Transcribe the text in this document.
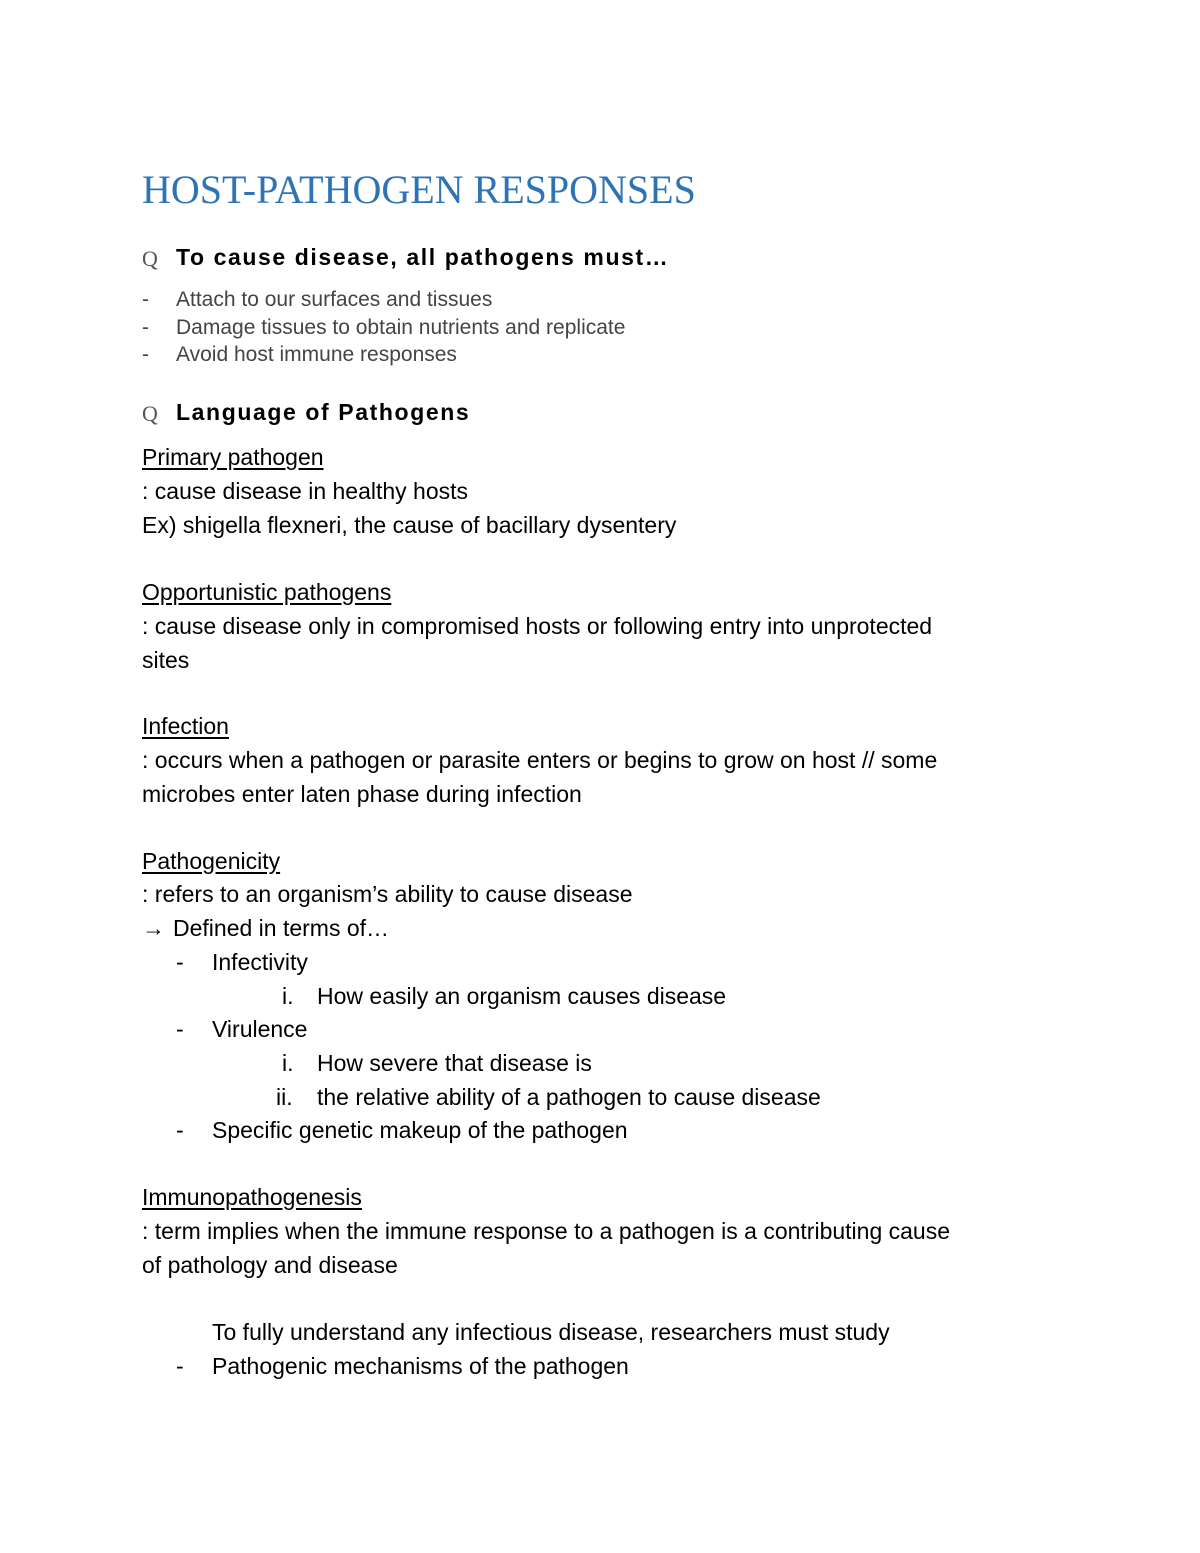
HOST-PATHOGEN RESPONSES
Q To cause disease, all pathogens must…
- Attach to our surfaces and tissues
- Damage tissues to obtain nutrients and replicate
- Avoid host immune responses
Q Language of Pathogens
Primary pathogen
: cause disease in healthy hosts
Ex) shigella flexneri, the cause of bacillary dysentery
Opportunistic pathogens
: cause disease only in compromised hosts or following entry into unprotected
sites
Infection
: occurs when a pathogen or parasite enters or begins to grow on host // some
microbes enter laten phase during infection
Pathogenicity
: refers to an organism’s ability to cause disease
→ Defined in terms of…
- Infectivity
i. How easily an organism causes disease
- Virulence
i. How severe that disease is
ii. the relative ability of a pathogen to cause disease
- Specific genetic makeup of the pathogen
Immunopathogenesis
: term implies when the immune response to a pathogen is a contributing cause
of pathology and disease
To fully understand any infectious disease, researchers must study
- Pathogenic mechanisms of the pathogen
